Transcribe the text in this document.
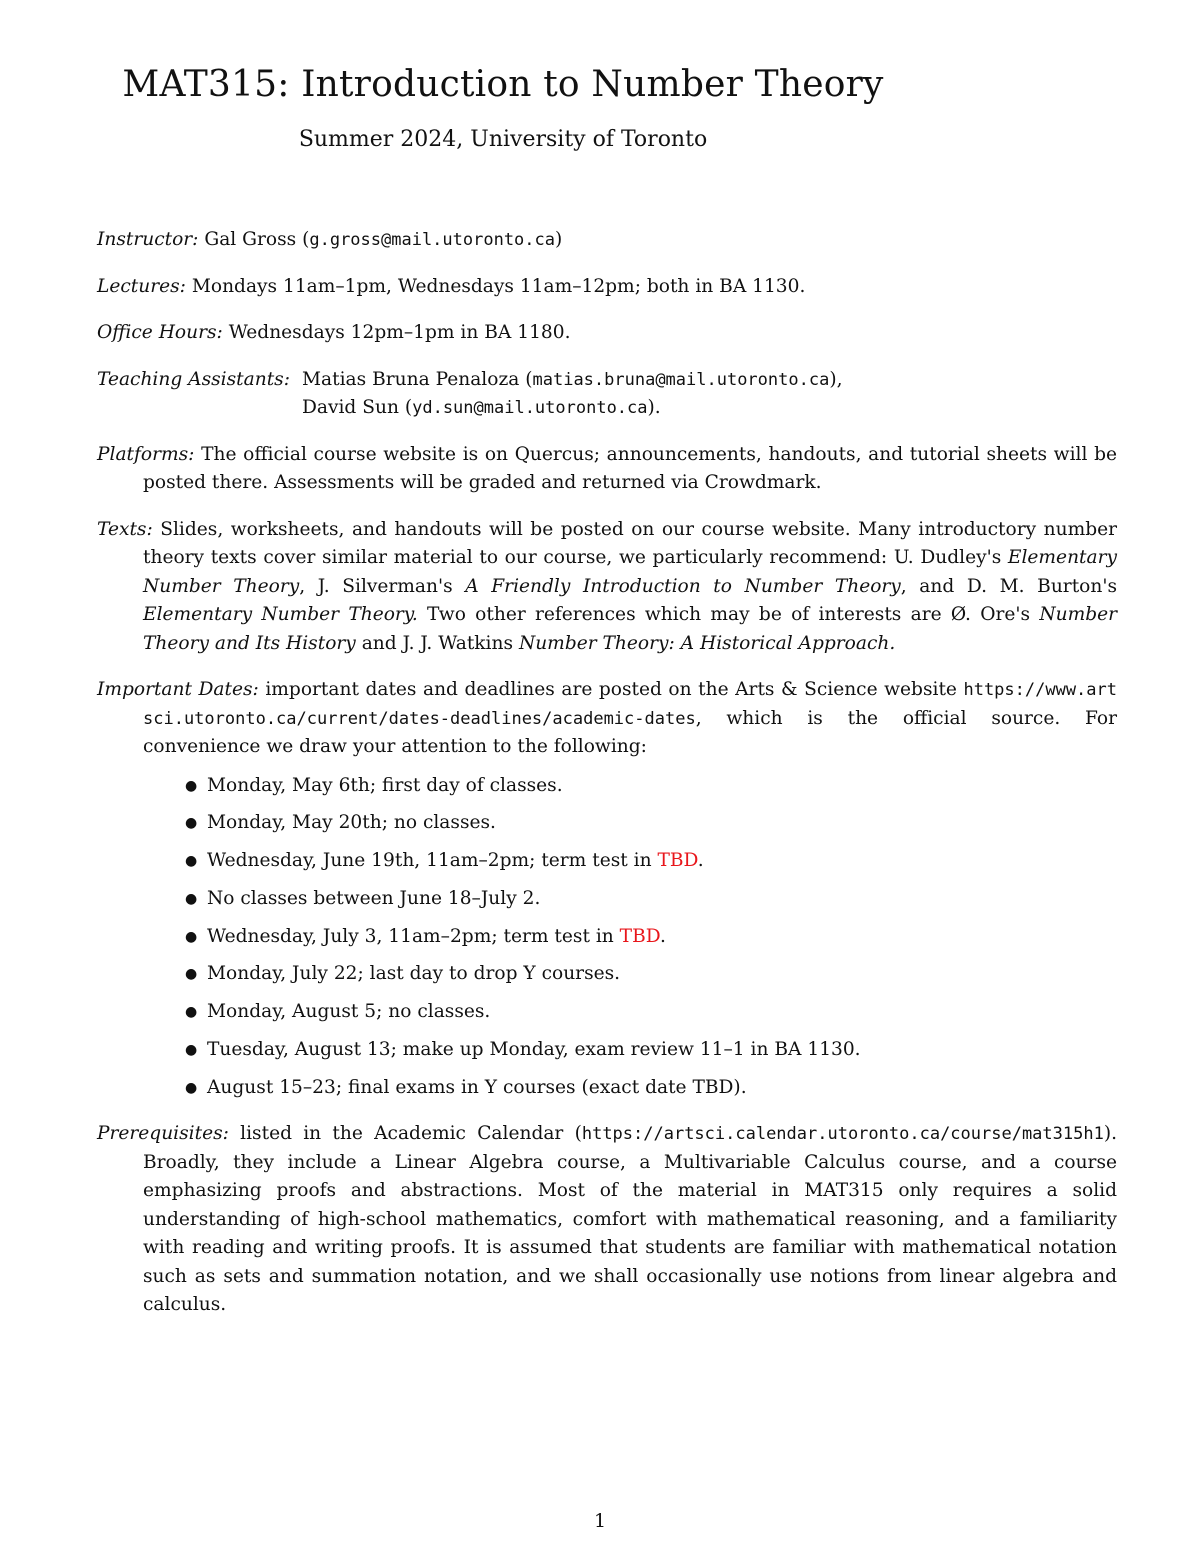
MAT315: Introduction to Number Theory
Summer 2024, University of Toronto

Instructor: Gal Gross (g.gross@mail.utoronto.ca)

Lectures: Mondays 11am–1pm, Wednesdays 11am–12pm; both in BA 1130.

Office Hours: Wednesdays 12pm–1pm in BA 1180.

Teaching Assistants: Matias Bruna Penaloza (matias.bruna@mail.utoronto.ca),
David Sun (yd.sun@mail.utoronto.ca).

Platforms: The official course website is on Quercus; announcements, handouts, and tutorial sheets will be posted there. Assessments will be graded and returned via Crowdmark.

Texts: Slides, worksheets, and handouts will be posted on our course website. Many introductory number theory texts cover similar material to our course, we particularly recommend: U. Dudley's Elementary Number Theory, J. Silverman's A Friendly Introduction to Number Theory, and D. M. Burton's Elementary Number Theory. Two other references which may be of interests are Ø. Ore's Number Theory and Its History and J. J. Watkins Number Theory: A Historical Approach.

Important Dates: important dates and deadlines are posted on the Arts & Science website https://www.artsci.utoronto.ca/current/dates-deadlines/academic-dates, which is the official source. For convenience we draw your attention to the following:
● Monday, May 6th; first day of classes.
● Monday, May 20th; no classes.
● Wednesday, June 19th, 11am–2pm; term test in TBD.
● No classes between June 18–July 2.
● Wednesday, July 3, 11am–2pm; term test in TBD.
● Monday, July 22; last day to drop Y courses.
● Monday, August 5; no classes.
● Tuesday, August 13; make up Monday, exam review 11–1 in BA 1130.
● August 15–23; final exams in Y courses (exact date TBD).

Prerequisites: listed in the Academic Calendar (https://artsci.calendar.utoronto.ca/course/mat315h1). Broadly, they include a Linear Algebra course, a Multivariable Calculus course, and a course emphasizing proofs and abstractions. Most of the material in MAT315 only requires a solid understanding of high-school mathematics, comfort with mathematical reasoning, and a familiarity with reading and writing proofs. It is assumed that students are familiar with mathematical notation such as sets and summation notation, and we shall occasionally use notions from linear algebra and calculus.

1
